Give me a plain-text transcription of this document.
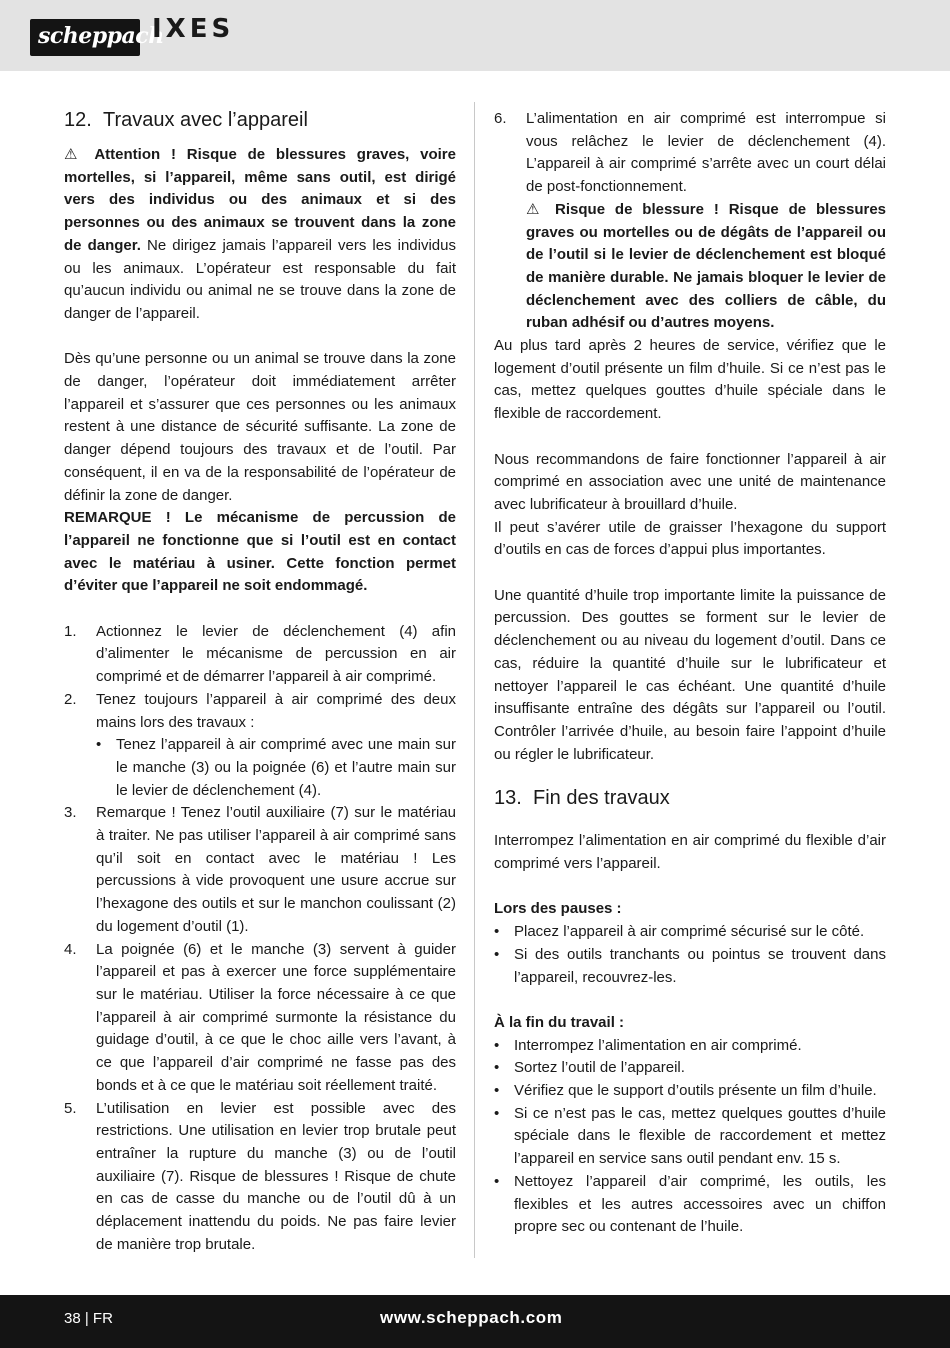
scheppach
IXES
12. Travaux avec l’appareil

⚠ Attention ! Risque de blessures graves, voire mortelles, si l’appareil, même sans outil, est dirigé vers des individus ou des animaux et si des personnes ou des animaux se trouvent dans la zone de danger. Ne dirigez jamais l’appareil vers les individus ou les animaux. L’opérateur est responsable du fait qu’aucun individu ou animal ne se trouve dans la zone de danger de l’appareil.

Dès qu’une personne ou un animal se trouve dans la zone de danger, l’opérateur doit immédiatement arrêter l’appareil et s’assurer que ces personnes ou les animaux restent à une distance de sécurité suffisante. La zone de danger dépend toujours des travaux et de l’outil. Par conséquent, il en va de la responsabilité de l’opérateur de définir la zone de danger.

REMARQUE ! Le mécanisme de percussion de l’appareil ne fonctionne que si l’outil est en contact avec le matériau à usiner. Cette fonction permet d’éviter que l’appareil ne soit endommagé.

1. Actionnez le levier de déclenchement (4) afin d’alimenter le mécanisme de percussion en air comprimé et de démarrer l’appareil à air comprimé.
2. Tenez toujours l’appareil à air comprimé des deux mains lors des travaux :
• Tenez l’appareil à air comprimé avec une main sur le manche (3) ou la poignée (6) et l’autre main sur le levier de déclenchement (4).
3. Remarque ! Tenez l’outil auxiliaire (7) sur le matériau à traiter. Ne pas utiliser l’appareil à air comprimé sans qu’il soit en contact avec le matériau ! Les percussions à vide provoquent une usure accrue sur l’hexagone des outils et sur le manchon coulissant (2) du logement d’outil (1).
4. La poignée (6) et le manche (3) servent à guider l’appareil et pas à exercer une force supplémentaire sur le matériau. Utiliser la force nécessaire à ce que l’appareil à air comprimé surmonte la résistance du guidage d’outil, à ce que le choc aille vers l’avant, à ce que l’appareil d’air comprimé ne fasse pas des bonds et à ce que le matériau soit réellement traité.
5. L’utilisation en levier est possible avec des restrictions. Une utilisation en levier trop brutale peut entraîner la rupture du manche (3) ou de l’outil auxiliaire (7). Risque de blessures ! Risque de chute en cas de casse du manche ou de l’outil dû à un déplacement inattendu du poids. Ne pas faire levier de manière trop brutale.
6. L’alimentation en air comprimé est interrompue si vous relâchez le levier de déclenchement (4). L’appareil à air comprimé s’arrête avec un court délai de post-fonctionnement.
⚠ Risque de blessure ! Risque de blessures graves ou mortelles ou de dégâts de l’appareil ou de l’outil si le levier de déclenchement est bloqué de manière durable. Ne jamais bloquer le levier de déclenchement avec des colliers de câble, du ruban adhésif ou d’autres moyens.

Au plus tard après 2 heures de service, vérifiez que le logement d’outil présente un film d’huile. Si ce n’est pas le cas, mettez quelques gouttes d’huile spéciale dans le flexible de raccordement.

Nous recommandons de faire fonctionner l’appareil à air comprimé en association avec une unité de maintenance avec lubrificateur à brouillard d’huile.

Il peut s’avérer utile de graisser l’hexagone du support d’outils en cas de forces d’appui plus importantes.

Une quantité d’huile trop importante limite la puissance de percussion. Des gouttes se forment sur le levier de déclenchement ou au niveau du logement d’outil. Dans ce cas, réduire la quantité d’huile sur le lubrificateur et nettoyer l’appareil le cas échéant. Une quantité d’huile insuffisante entraîne des dégâts sur l’appareil ou l’outil. Contrôler l’arrivée d’huile, au besoin faire l’appoint d’huile ou régler le lubrificateur.

13. Fin des travaux

Interrompez l’alimentation en air comprimé du flexible d’air comprimé vers l’appareil.

Lors des pauses :

• Placez l’appareil à air comprimé sécurisé sur le côté.
• Si des outils tranchants ou pointus se trouvent dans l’appareil, recouvrez-les.

À la fin du travail :

• Interrompez l’alimentation en air comprimé.
• Sortez l’outil de l’appareil.
• Vérifiez que le support d’outils présente un film d’huile.
• Si ce n’est pas le cas, mettez quelques gouttes d’huile spéciale dans le flexible de raccordement et mettez l’appareil en service sans outil pendant env. 15 s.
• Nettoyez l’appareil d’air comprimé, les outils, les flexibles et les autres accessoires avec un chiffon propre sec ou contenant de l’huile.
38 | FR	www.scheppach.com
